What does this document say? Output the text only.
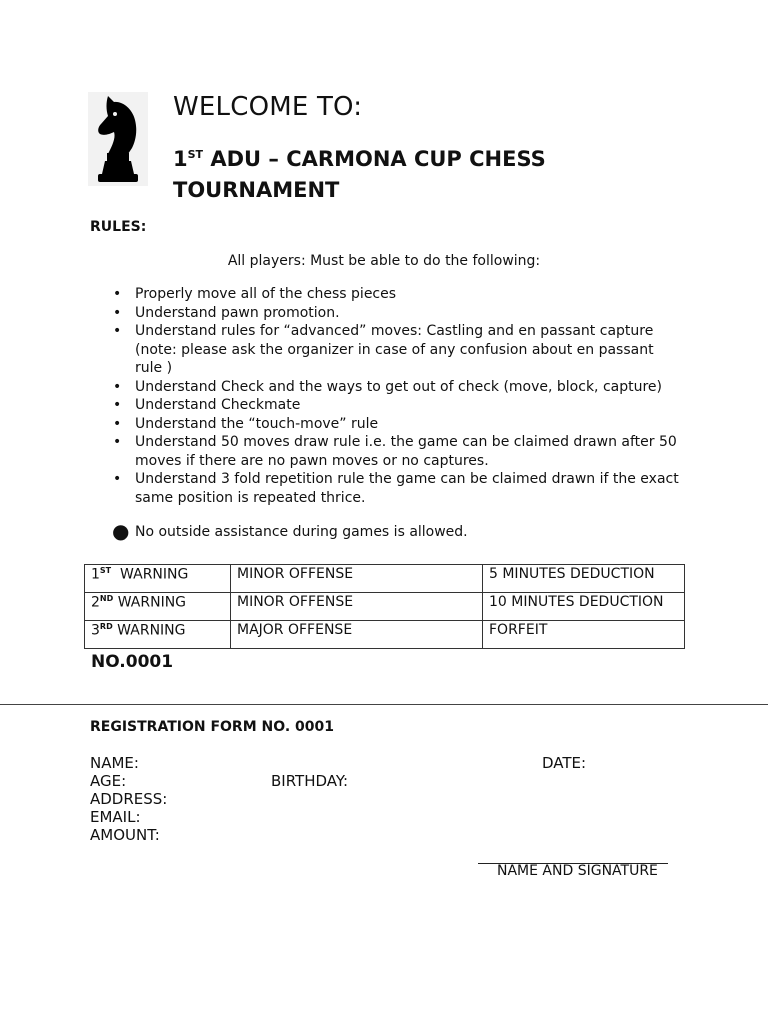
WELCOME TO:
1ST ADU – CARMONA CUP CHESS TOURNAMENT
RULES:
All players: Must be able to do the following:
• Properly move all of the chess pieces
• Understand pawn promotion.
• Understand rules for “advanced” moves: Castling and en passant capture (note: please ask the organizer in case of any confusion about en passant rule )
• Understand Check and the ways to get out of check (move, block, capture)
• Understand Checkmate
• Understand the “touch-move” rule
• Understand 50 moves draw rule i.e. the game can be claimed drawn after 50 moves if there are no pawn moves or no captures.
• Understand 3 fold repetition rule the game can be claimed drawn if the exact same position is repeated thrice.
● No outside assistance during games is allowed.
1ST  WARNING	MINOR OFFENSE	5 MINUTES DEDUCTION
2ND WARNING	MINOR OFFENSE	10 MINUTES DEDUCTION
3RD WARNING	MAJOR OFFENSE	FORFEIT
NO.0001
REGISTRATION FORM NO. 0001
NAME:	DATE:
AGE:	BIRTHDAY:
ADDRESS:
EMAIL:
AMOUNT:
NAME AND SIGNATURE
